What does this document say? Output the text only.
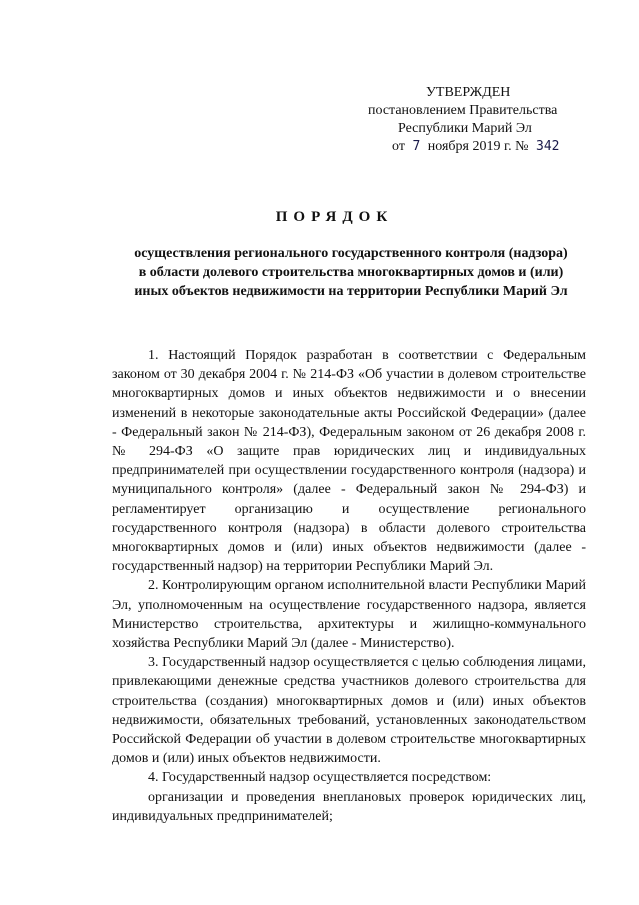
УТВЕРЖДЕН
постановлением Правительства
Республики Марий Эл
от 7 ноября 2019 г. № 342
ПОРЯДОК
осуществления регионального государственного контроля (надзора)
в области долевого строительства многоквартирных домов и (или)
иных объектов недвижимости на территории Республики Марий Эл

1. Настоящий Порядок разработан в соответствии с Федеральным законом от 30 декабря 2004 г. № 214-ФЗ «Об участии в долевом строительстве многоквартирных домов и иных объектов недвижимости и о внесении изменений в некоторые законодательные акты Российской Федерации» (далее - Федеральный закон № 214-ФЗ), Федеральным законом от 26 декабря 2008 г. № 294-ФЗ «О защите прав юридических лиц и индивидуальных предпринимателей при осуществлении государственного контроля (надзора) и муниципального контроля» (далее - Федеральный закон № 294-ФЗ) и регламентирует организацию и осуществление регионального государственного контроля (надзора) в области долевого строительства многоквартирных домов и (или) иных объектов недвижимости (далее - государственный надзор) на территории Республики Марий Эл.

2. Контролирующим органом исполнительной власти Республики Марий Эл, уполномоченным на осуществление государственного надзора, является Министерство строительства, архитектуры и жилищно-коммунального хозяйства Республики Марий Эл (далее - Министерство).

3. Государственный надзор осуществляется с целью соблюдения лицами, привлекающими денежные средства участников долевого строительства для строительства (создания) многоквартирных домов и (или) иных объектов недвижимости, обязательных требований, установленных законодательством Российской Федерации об участии в долевом строительстве многоквартирных домов и (или) иных объектов недвижимости.

4. Государственный надзор осуществляется посредством:

организации и проведения внеплановых проверок юридических лиц, индивидуальных предпринимателей;
